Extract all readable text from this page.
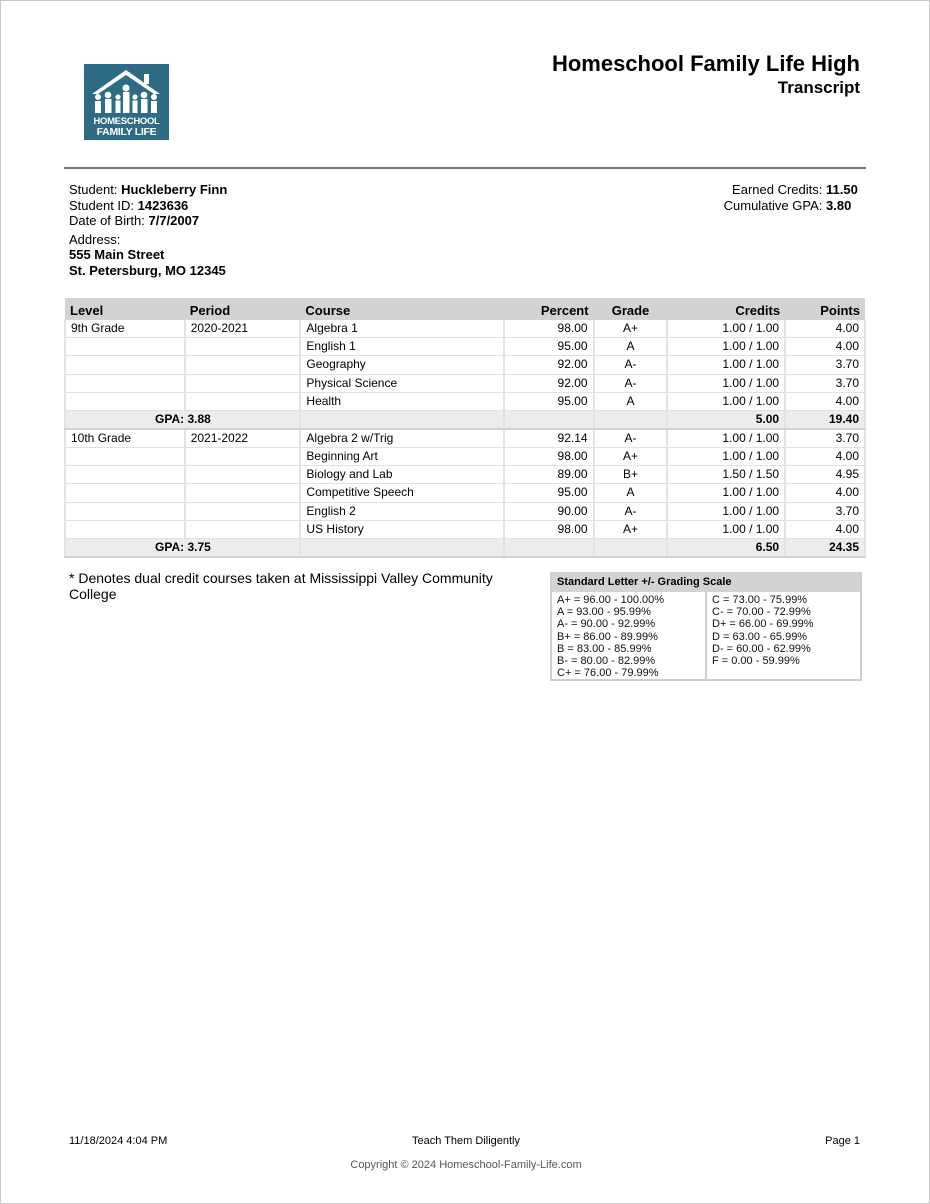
HOMESCHOOL
FAMILY LIFE
Homeschool Family Life High
Transcript
Student: Huckleberry Finn
Student ID: 1423636
Date of Birth: 7/7/2007
Address:
555 Main Street
St. Petersburg, MO 12345
Earned Credits: 11.50
Cumulative GPA: 3.80
Level	Period	Course	Percent	Grade	Credits	Points
9th Grade	2020-2021	Algebra 1	98.00	A+	1.00 / 1.00	4.00
		English 1	95.00	A	1.00 / 1.00	4.00
		Geography	92.00	A-	1.00 / 1.00	3.70
		Physical Science	92.00	A-	1.00 / 1.00	3.70
		Health	95.00	A	1.00 / 1.00	4.00
GPA: 3.88					5.00	19.40
10th Grade	2021-2022	Algebra 2 w/Trig	92.14	A-	1.00 / 1.00	3.70
		Beginning Art	98.00	A+	1.00 / 1.00	4.00
		Biology and Lab	89.00	B+	1.50 / 1.50	4.95
		Competitive Speech	95.00	A	1.00 / 1.00	4.00
		English 2	90.00	A-	1.00 / 1.00	3.70
		US History	98.00	A+	1.00 / 1.00	4.00
GPA: 3.75					6.50	24.35
* Denotes dual credit courses taken at Mississippi Valley Community College
Standard Letter +/- Grading Scale
A+ = 96.00 - 100.00%
A = 93.00 - 95.99%
A- = 90.00 - 92.99%
B+ = 86.00 - 89.99%
B = 83.00 - 85.99%
B- = 80.00 - 82.99%
C+ = 76.00 - 79.99%
C = 73.00 - 75.99%
C- = 70.00 - 72.99%
D+ = 66.00 - 69.99%
D = 63.00 - 65.99%
D- = 60.00 - 62.99%
F = 0.00 - 59.99%
11/18/2024 4:04 PM	Teach Them Diligently	Page 1
Copyright © 2024 Homeschool-Family-Life.com
